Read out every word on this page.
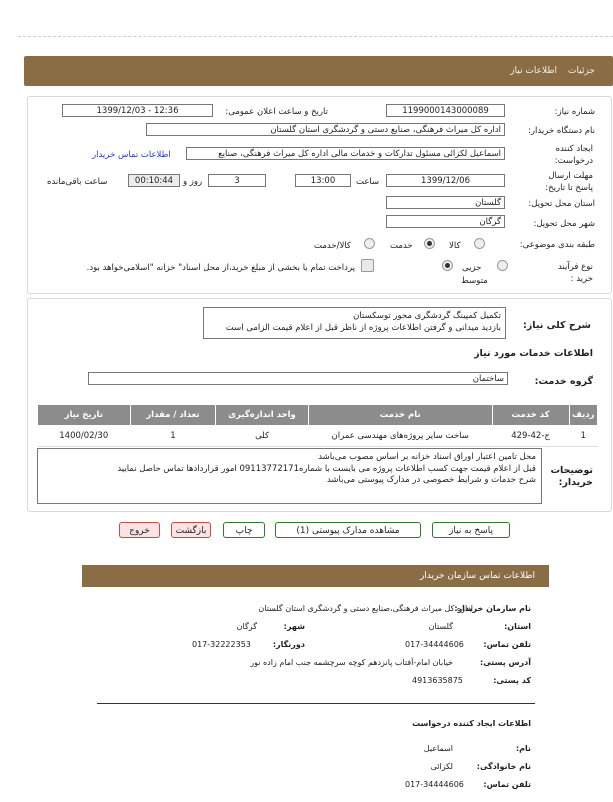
جزئیات
اطلاعات نیاز
شماره نیاز:
1199000143000089
تاریخ و ساعت اعلان عمومی:
1399/12/03 - 12:36
نام دستگاه خریدار:
اداره کل میراث فرهنگی، صنایع دستی و گردشگری استان گلستان
ایجاد کننده درخواست:
اسماعیل لکزائی مسئول تدارکات و خدمات مالی اداره کل میراث فرهنگی، صنایع
اطلاعات تماس خریدار
مهلت ارسال پاسخ تا تاریخ:
1399/12/06
ساعت
13:00
3
روز و
00:10:44
ساعت باقی‌مانده
استان محل تحویل:
گلستان
شهر محل تحویل:
گرگان
طبقه بندی موضوعی:
کالا
خدمت
کالا/خدمت
نوع فرآیند خرید :
جزیی
متوسط
پرداخت تمام یا بخشی از مبلغ خرید،از محل اسناد" خزانه "اسلامی‌خواهد بود.
شرح کلی نیاز:
تکمیل کمپینگ گردشگری محور توسکستان
بازدید میدانی و گرفتن اطلاعات پروژه از ناظر قبل از اعلام قیمت الزامی است
اطلاعات خدمات مورد نیاز
گروه خدمت:
ساختمان
ردیف	کد خدمت	نام خدمت	واحد اندازه‌گیری	تعداد / مقدار	تاریخ نیاز
1	ج-42-429	ساخت سایر پروژه‌های مهندسی عمران	کلی	1	1400/02/30
توضیحات خریدار:
محل تامین اعتبار اوراق اسناد خزانه بر اساس مصوب می‌باشد
قبل از اعلام قیمت جهت کسب اطلاعات پروژه می بایست با شماره09113772171 امور قراردادها تماس حاصل نمایید
شرح خدمات و شرایط خصوصی در مدارک پیوستی می‌باشد
پاسخ به نیاز
مشاهده مدارک پیوستی (1)
چاپ
بازگشت
خروج
اطلاعات تماس سازمان خریدار
نام سازمان خریدار:
اداره کل میراث فرهنگی،صنایع دستی و گردشگری استان گلستان
استان:
گلستان
شهر:
گرگان
تلفن تماس:
017-34444606
دورنگار:
017-32222353
آدرس پستی:
خیابان امام-آفتاب پانزدهم کوچه سرچشمه جنب امام زاده نور
کد پستی:
4913635875
اطلاعات ایجاد کننده درخواست
نام:
اسماعیل
نام خانوادگی:
لکزائی
تلفن تماس:
017-34444606
